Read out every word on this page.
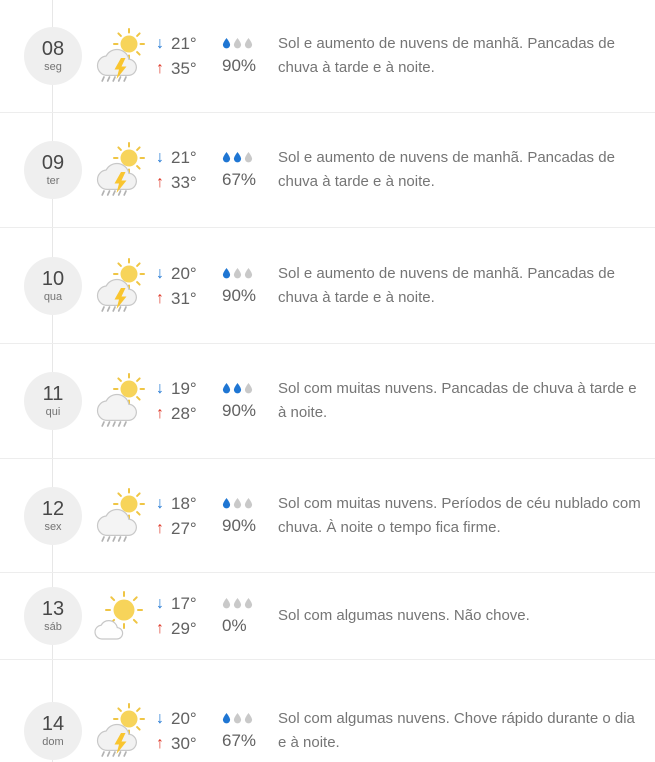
08
seg
↓ 21°
↑ 35° 90%
Sol e aumento de nuvens de manhã. Pancadas de chuva à tarde e à noite.
09
ter
↓ 21°
↑ 33° 67%
Sol e aumento de nuvens de manhã. Pancadas de chuva à tarde e à noite.
10
qua
↓ 20°
↑ 31° 90%
Sol e aumento de nuvens de manhã. Pancadas de chuva à tarde e à noite.
11
qui
↓ 19°
↑ 28° 90%
Sol com muitas nuvens. Pancadas de chuva à tarde e à noite.
12
sex
↓ 18°
↑ 27° 90%
Sol com muitas nuvens. Períodos de céu nublado com chuva. À noite o tempo fica firme.
13
sáb
↓ 17°
↑ 29° 0%
Sol com algumas nuvens. Não chove.
14
dom
↓ 20°
↑ 30° 67%
Sol com algumas nuvens. Chove rápido durante o dia e à noite.
